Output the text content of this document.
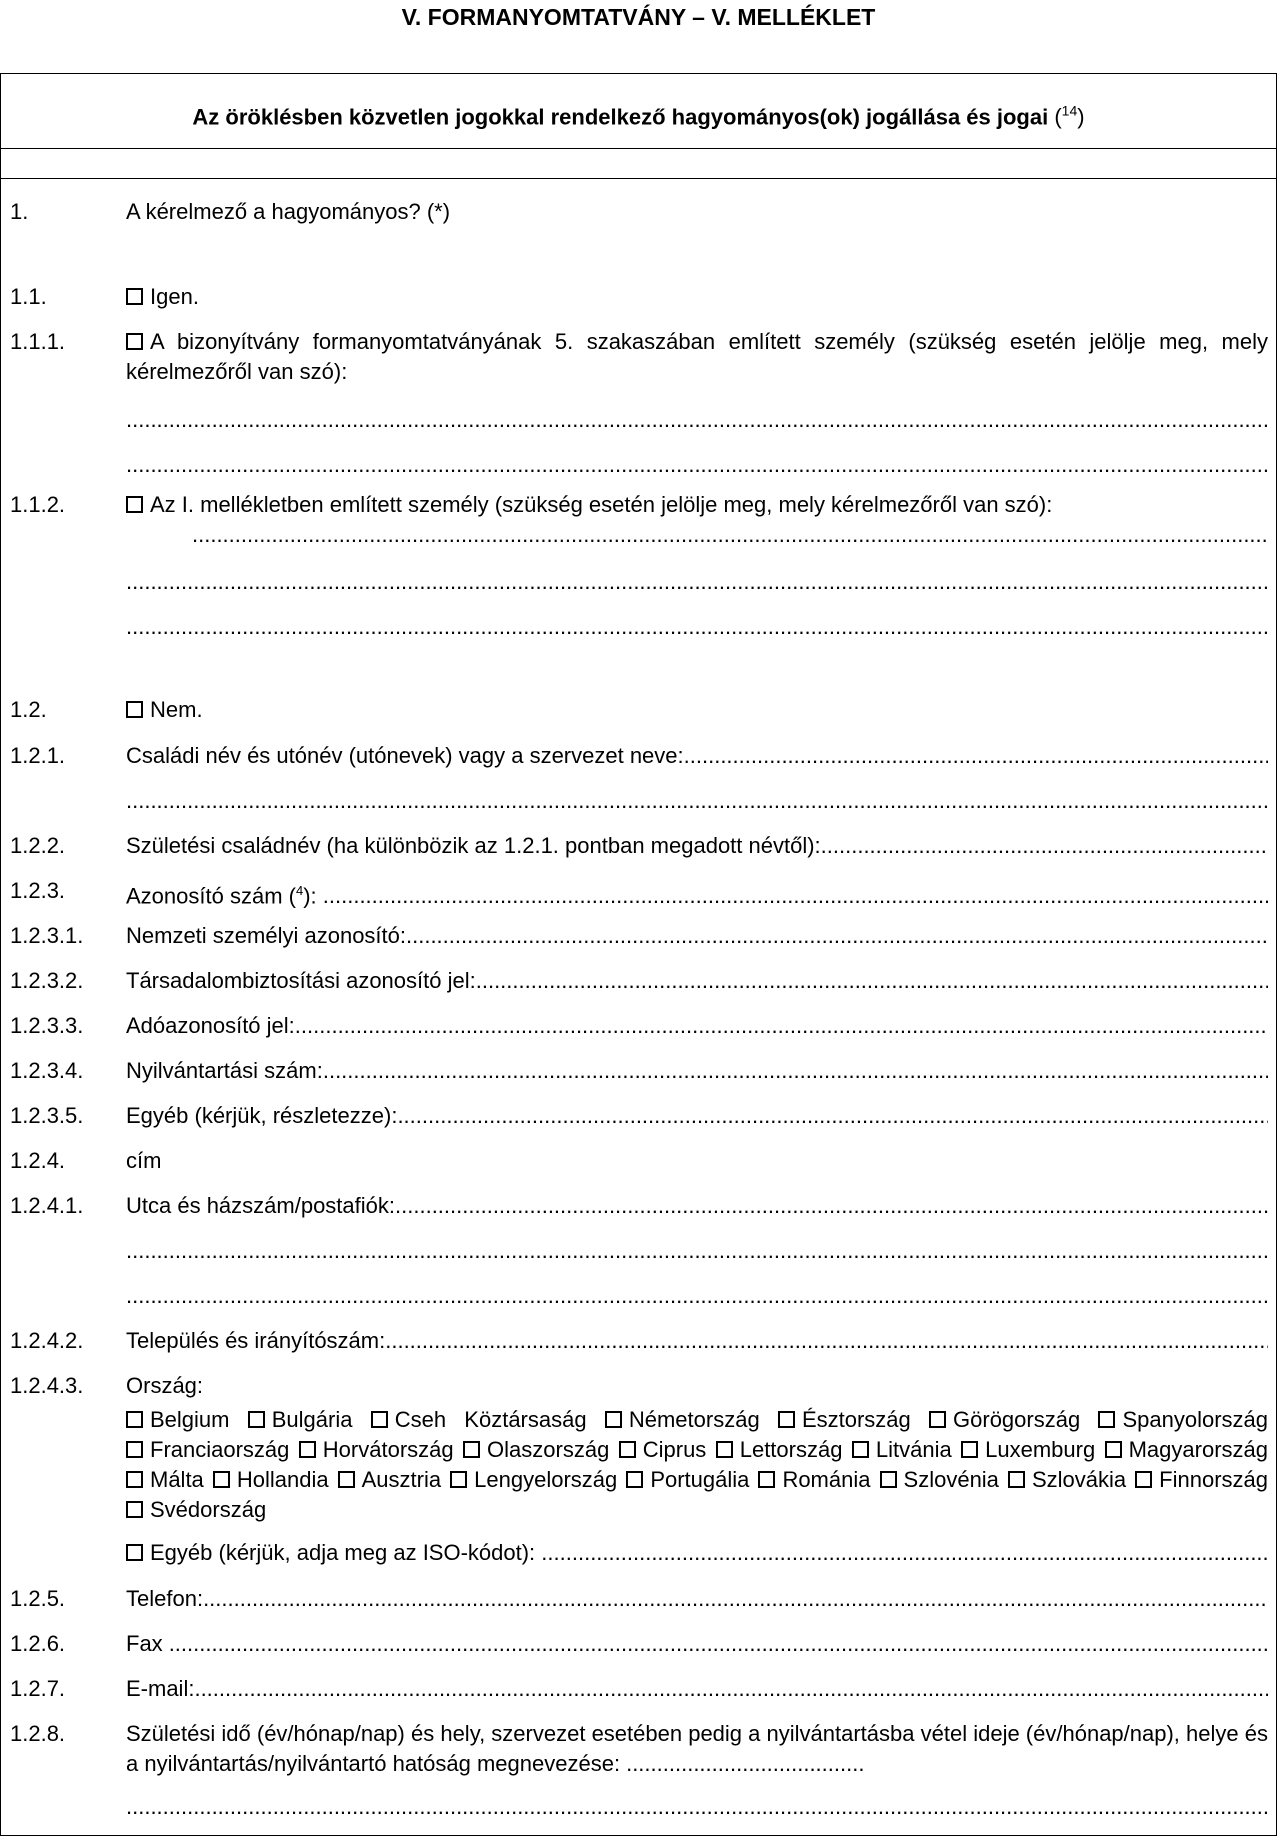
V. FORMANYOMTATVÁNY – V. MELLÉKLET
Az öröklésben közvetlen jogokkal rendelkező hagyományos(ok) jogállása és jogai ($^{14}$)
1.	A kérelmező a hagyományos? (*)
1.1.	Igen.
1.1.1.	A bizonyítvány formanyomtatványának 5. szakaszában említett személy (szükség esetén jelölje meg, mely kérelmezőről van szó):
.....
.....
1.1.2.	Az I. mellékletben említett személy (szükség esetén jelölje meg, mely kérelmezőről van szó):
.....
.....
.....
1.2.	Nem.
1.2.1.	Családi név és utónév (utónevek) vagy a szervezet neve:
.....
.....
1.2.2.	Születési családnév (ha különbözik az 1.2.1. pontban megadott névtől):
.....
1.2.3.	Azonosító szám ($^4$):
.....
1.2.3.1.	Nemzeti személyi azonosító:
.....
1.2.3.2.	Társadalombiztosítási azonosító jel:
.....
1.2.3.3.	Adóazonosító jel:
.....
1.2.3.4.	Nyilvántartási szám:
.....
1.2.3.5.	Egyéb (kérjük, részletezze):
.....
1.2.4.	cím
1.2.4.1.	Utca és házszám/postafiók:
.....
.....
.....
1.2.4.2.	Település és irányítószám:
.....
1.2.4.3.	Ország:
Belgium Bulgária Cseh Köztársaság Németország Észtország Görögország Spanyolország Franciaország Horvátország Olaszország Ciprus Lettország Litvánia Luxemburg Magyarország Málta Hollandia Ausztria Lengyelország Portugália Románia Szlovénia Szlovákia Finnország Svédország
Egyéb (kérjük, adja meg az ISO-kódot):
.....
1.2.5.	Telefon:
.....
1.2.6.	Fax
.....
1.2.7.	E-mail:
.....
1.2.8.	Születési idő (év/hónap/nap) és hely, szervezet esetében pedig a nyilvántartásba vétel ideje (év/hónap/nap), helye és a nyilvántartás/nyilvántartó hatóság megnevezése:.....
.....
